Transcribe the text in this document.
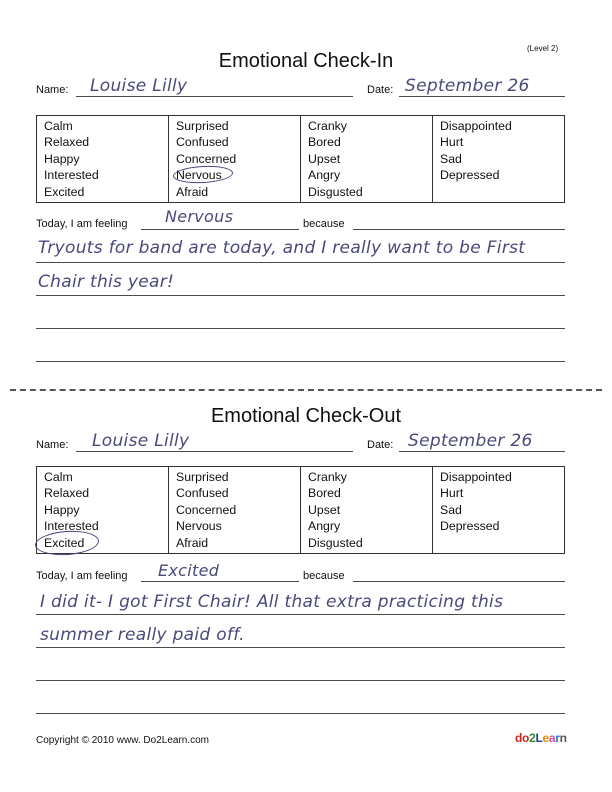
(Level 2)
Emotional Check-In
Name: Louise Lilly	Date: September 26
Calm
Relaxed
Happy
Interested
Excited
Surprised
Confused
Concerned
Nervous
Afraid
Cranky
Bored
Upset
Angry
Disgusted
Disappointed
Hurt
Sad
Depressed
Today, I am feeling Nervous	because
Tryouts for band are today, and I really want to be First
Chair this year!
Emotional Check-Out
Name: Louise Lilly	Date: September 26
Calm
Relaxed
Happy
Interested
Excited
Surprised
Confused
Concerned
Nervous
Afraid
Cranky
Bored
Upset
Angry
Disgusted
Disappointed
Hurt
Sad
Depressed
Today, I am feeling Excited	because
I did it- I got First Chair! All that extra practicing this
summer really paid off.
Copyright © 2010 www. Do2Learn.com	do2Learn
